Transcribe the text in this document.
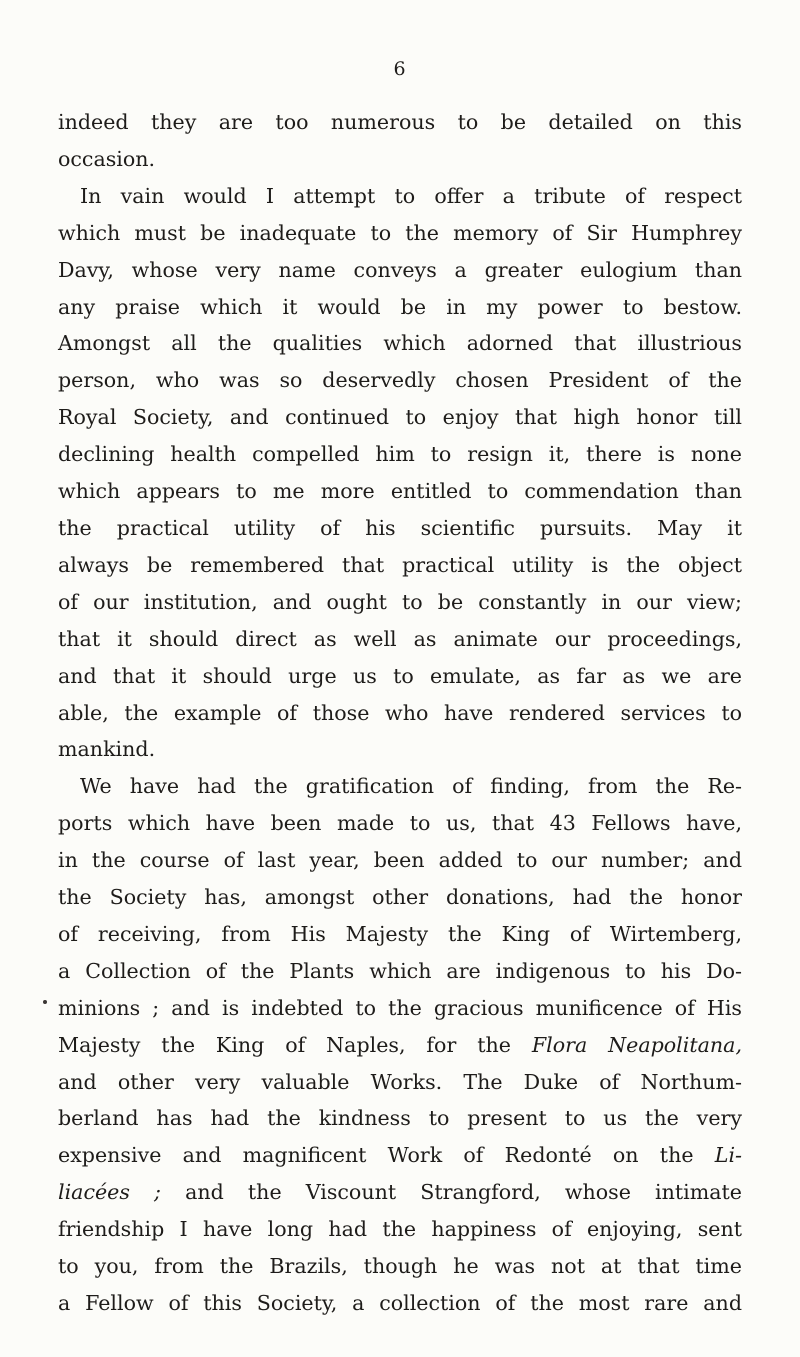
6
indeed they are too numerous to be detailed on this
occasion.
In vain would I attempt to offer a tribute of respect
which must be inadequate to the memory of Sir Humphrey
Davy, whose very name conveys a greater eulogium than
any praise which it would be in my power to bestow.
Amongst all the qualities which adorned that illustrious
person, who was so deservedly chosen President of the
Royal Society, and continued to enjoy that high honor till
declining health compelled him to resign it, there is none
which appears to me more entitled to commendation than
the practical utility of his scientific pursuits. May it
always be remembered that practical utility is the object
of our institution, and ought to be constantly in our view;
that it should direct as well as animate our proceedings,
and that it should urge us to emulate, as far as we are
able, the example of those who have rendered services to
mankind.
We have had the gratification of finding, from the Re-
ports which have been made to us, that 43 Fellows have,
in the course of last year, been added to our number; and
the Society has, amongst other donations, had the honor
of receiving, from His Majesty the King of Wirtemberg,
a Collection of the Plants which are indigenous to his Do-
minions ; and is indebted to the gracious munificence of His
Majesty the King of Naples, for the Flora Neapolitana,
and other very valuable Works. The Duke of Northum-
berland has had the kindness to present to us the very
expensive and magnificent Work of Redonté on the Li-
liacées ; and the Viscount Strangford, whose intimate
friendship I have long had the happiness of enjoying, sent
to you, from the Brazils, though he was not at that time
a Fellow of this Society, a collection of the most rare and
